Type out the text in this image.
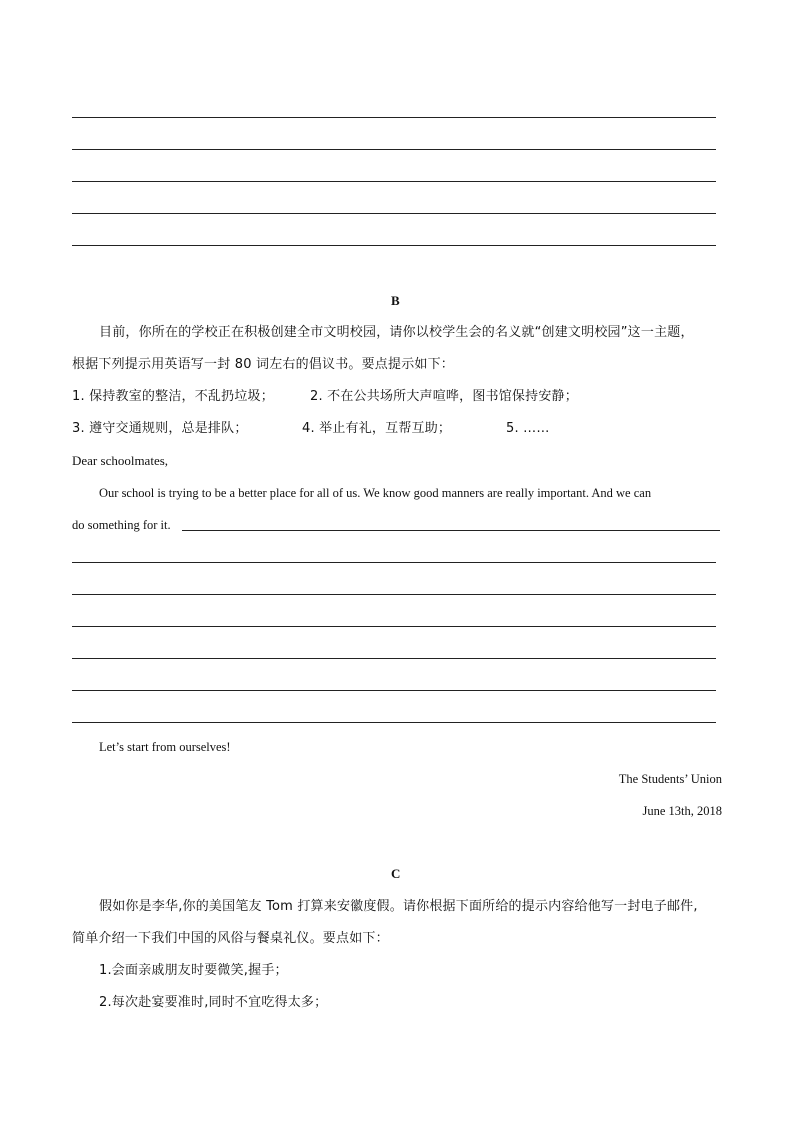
B
目前，你所在的学校正在积极创建全市文明校园，请你以校学生会的名义就“创建文明校园”这一主题，
根据下列提示用英语写一封 80 词左右的倡议书。要点提示如下：
1. 保持教室的整洁，不乱扔垃圾；	2. 不在公共场所大声喧哗，图书馆保持安静；
3. 遵守交通规则，总是排队；	4. 举止有礼，互帮互助；	5. ……
Dear schoolmates,
Our school is trying to be a better place for all of us. We know good manners are really important. And we can
do something for it.
Let’s start from ourselves!
The Students’ Union
June 13th, 2018
C
假如你是李华,你的美国笔友 Tom 打算来安徽度假。请你根据下面所给的提示内容给他写一封电子邮件,
简单介绍一下我们中国的风俗与餐桌礼仪。要点如下：
1.会面亲戚朋友时要微笑,握手；
2.每次赴宴要准时,同时不宜吃得太多；
